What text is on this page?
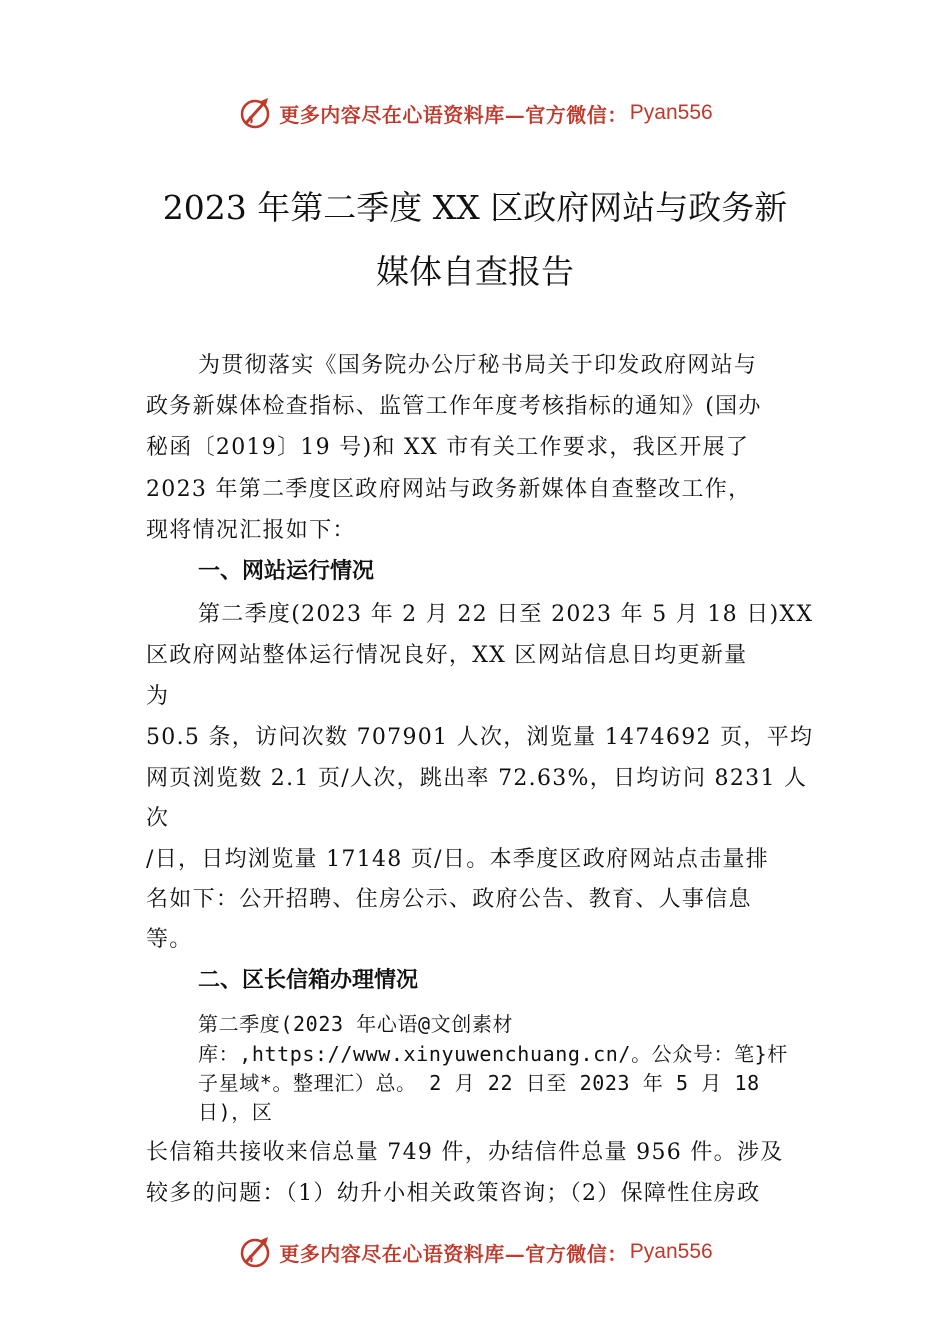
更多内容尽在心语资料库—官方微信： Pyan556
2023 年第二季度 XX 区政府网站与政务新
媒体自查报告
为贯彻落实《国务院办公厅秘书局关于印发政府网站与
政务新媒体检查指标、监管工作年度考核指标的通知》(国办
秘函〔2019〕19 号)和 XX 市有关工作要求，我区开展了
2023 年第二季度区政府网站与政务新媒体自查整改工作，
现将情况汇报如下：
一、网站运行情况
第二季度(2023 年 2 月 22 日至 2023 年 5 月 18 日)XX
区政府网站整体运行情况良好，XX 区网站信息日均更新量
为
50.5 条，访问次数 707901 人次，浏览量 1474692 页，平均
网页浏览数 2.1 页/人次，跳出率 72.63%，日均访问 8231 人
次
/日，日均浏览量 17148 页/日。本季度区政府网站点击量排
名如下：公开招聘、住房公示、政府公告、教育、人事信息
等。
二、区长信箱办理情况
第二季度(2023 年心语@文创素材
库：,https://www.xinyuwenchuang.cn/。公众号：笔}杆
子星域*。整理汇）总。 2 月 22 日至 2023 年 5 月 18
日)，区
长信箱共接收来信总量 749 件，办结信件总量 956 件。涉及
较多的问题：（1）幼升小相关政策咨询；（2）保障性住房政
更多内容尽在心语资料库—官方微信： Pyan556
